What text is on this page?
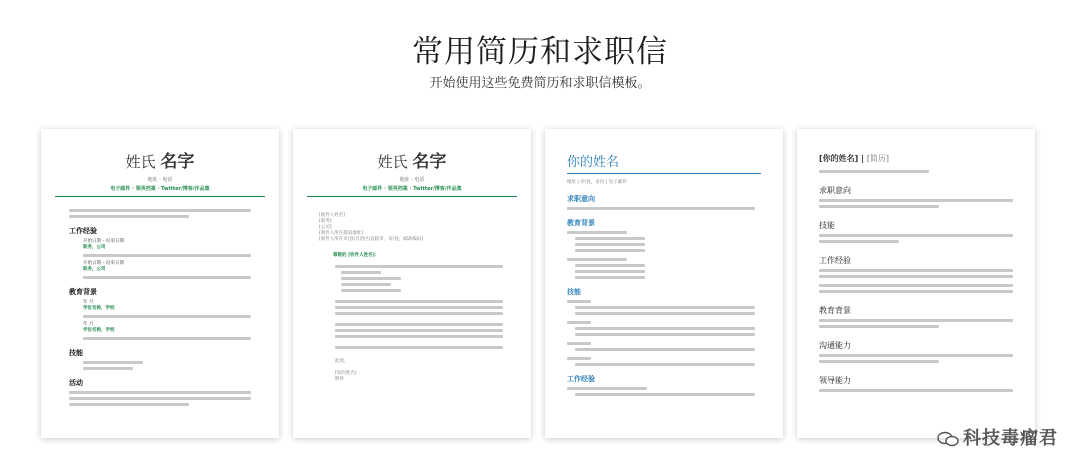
常用简历和求职信
开始使用这些免费简历和求职信模板。
姓氏 名字
地址 · 电话
电子邮件 · 领英档案 · Twitter/博客/作品集
工作经验
开始日期 – 结束日期
职务，公司
开始日期 – 结束日期
职务，公司
教育背景
年 月
学位名称，学校
年 月
学位名称，学校
技能
活动
姓氏 名字
地址 · 电话
电子邮件 · 领英档案 · Twitter/博客/作品集
[收件人姓名]
[职务]
[公司]
[收件人所在街道地址]
[收件人所在市/县/自治区/直辖市，市/县，邮政编码]
尊敬的 [收件人姓名]：
此致，
[你的姓名]
附件
你的姓名
地址 | 市/县，省份 | 电子邮件
求职意向
教育背景
技能
工作经验
[你的姓名] | [简历]
求职意向
技能
工作经验
教育背景
沟通能力
领导能力
科技毒瘤君
